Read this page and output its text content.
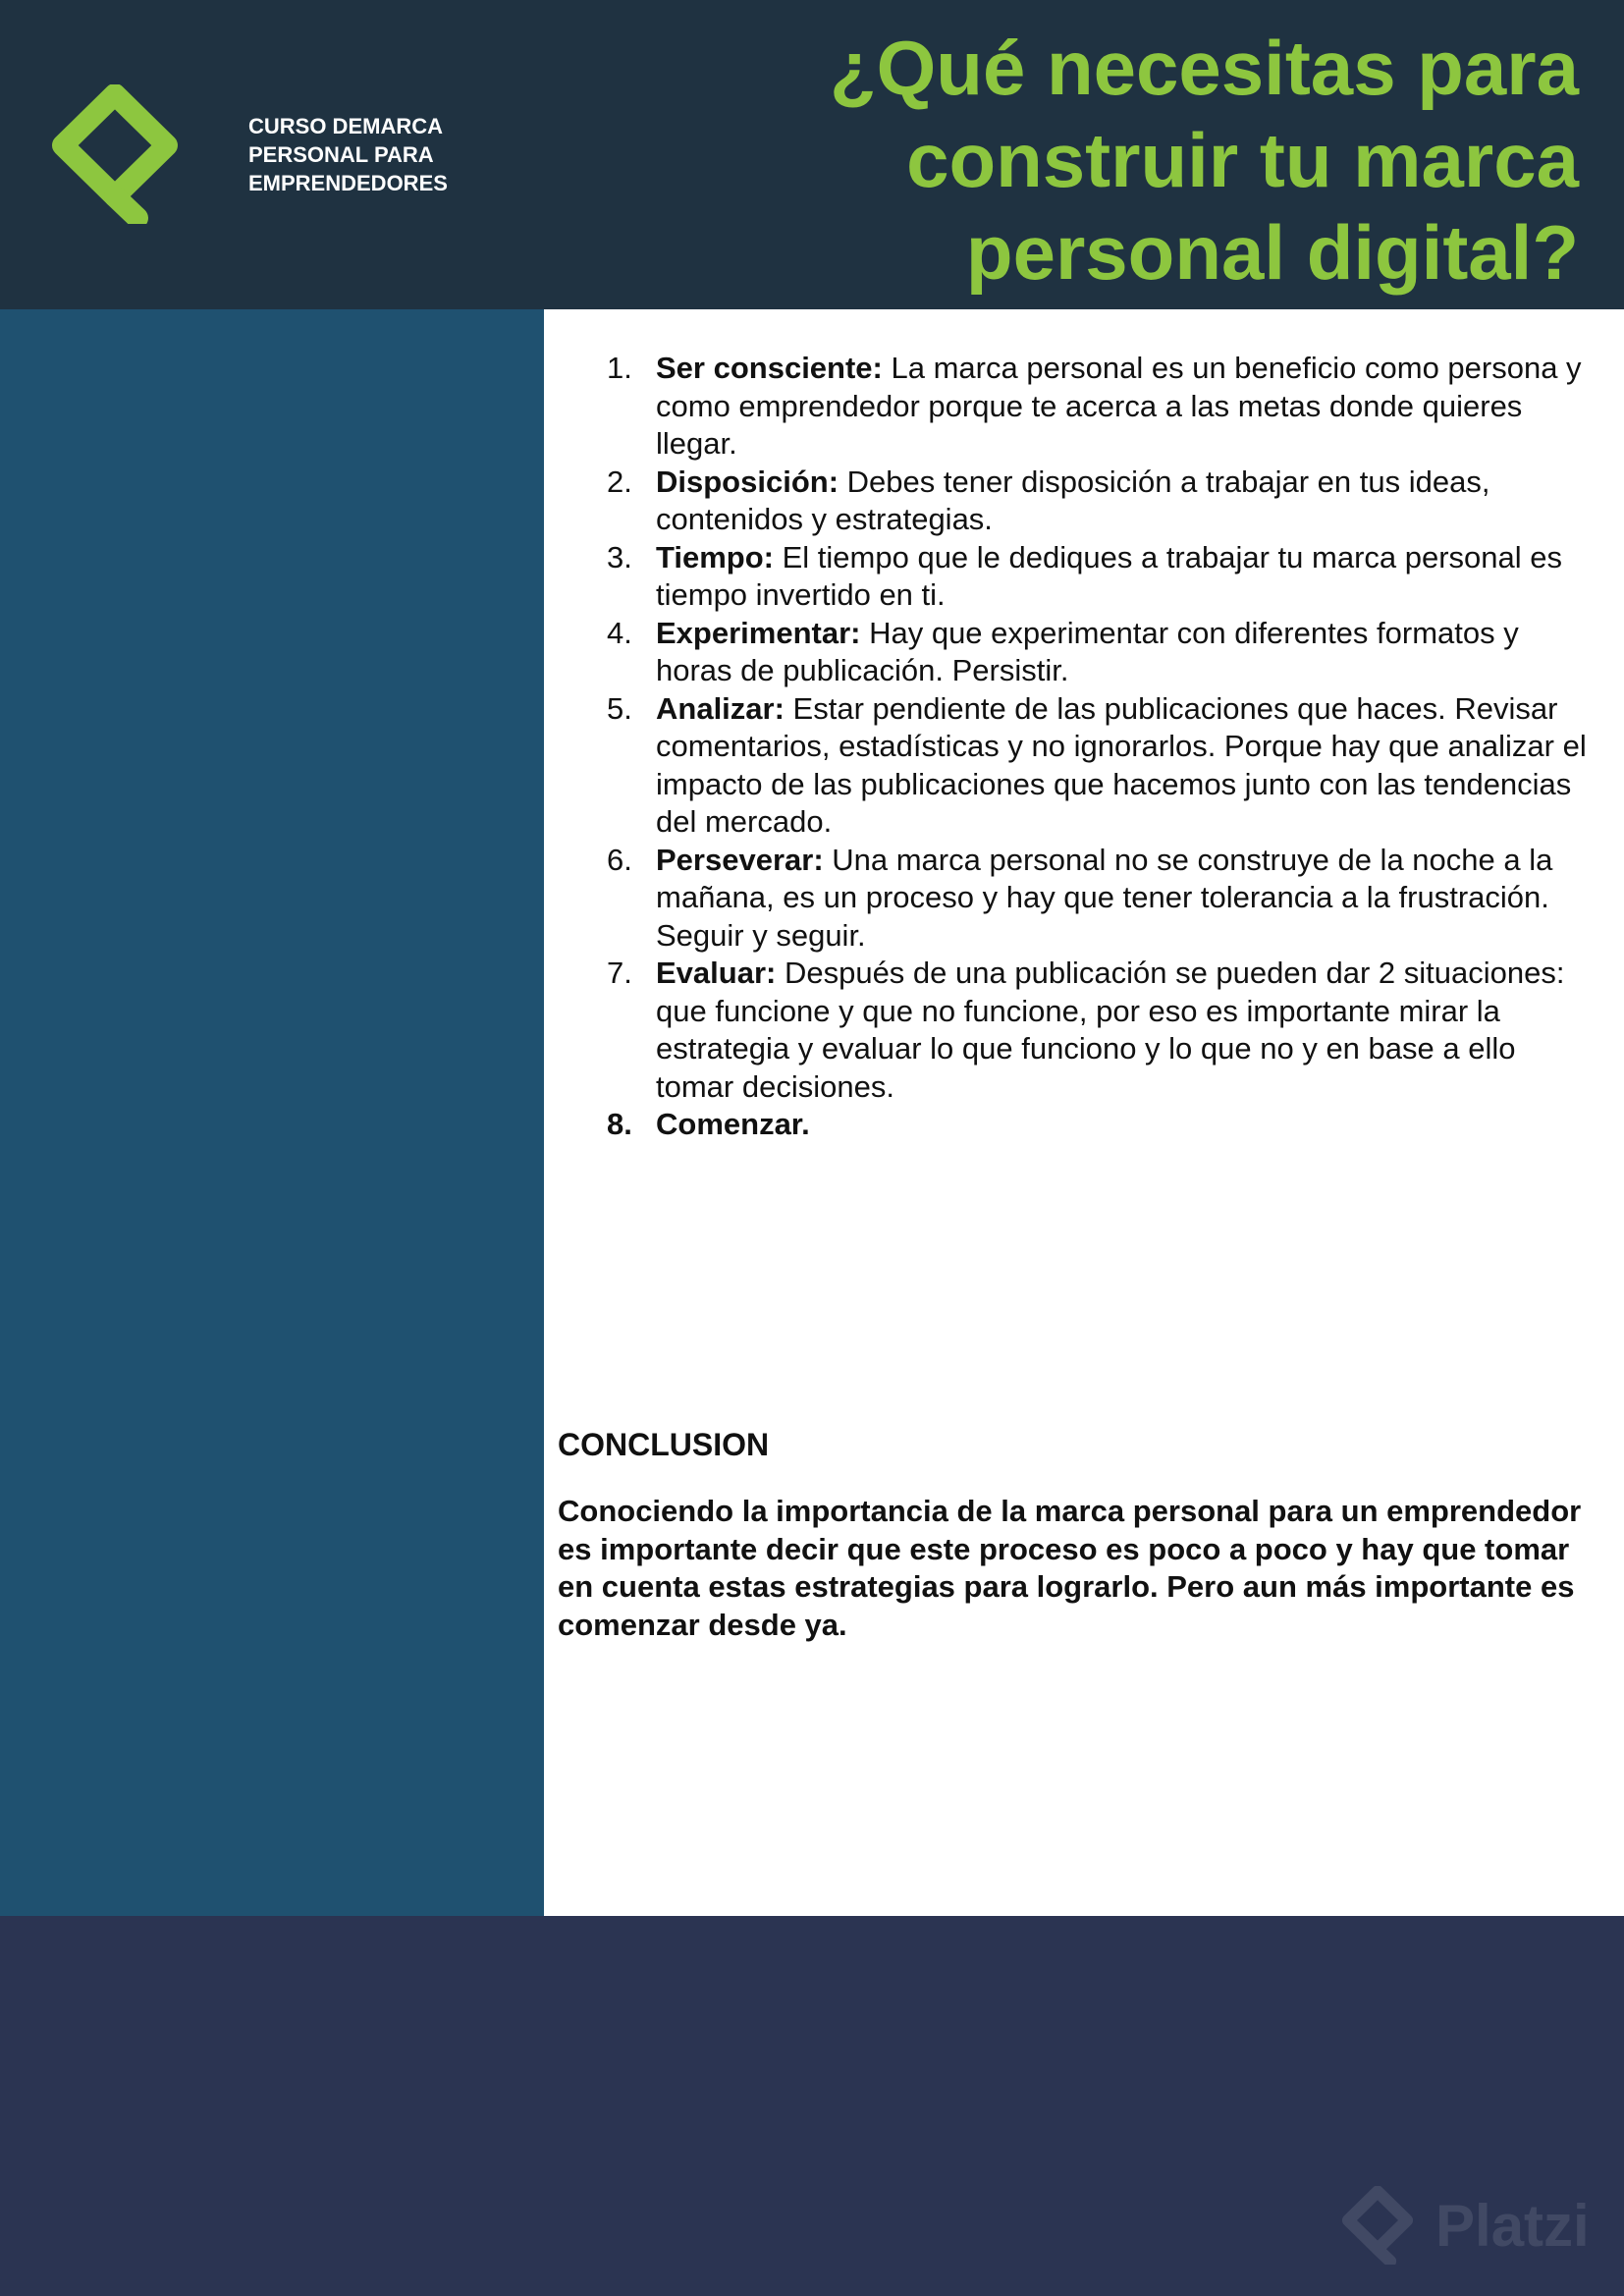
CURSO DEMARCA
PERSONAL PARA
EMPRENDEDORES
¿Qué necesitas para
construir tu marca
personal digital?
1. Ser consciente: La marca personal es un beneficio como persona y como emprendedor porque te acerca a las metas donde quieres llegar.
2. Disposición: Debes tener disposición a trabajar en tus ideas, contenidos y estrategias.
3. Tiempo: El tiempo que le dediques a trabajar tu marca personal es tiempo invertido en ti.
4. Experimentar: Hay que experimentar con diferentes formatos y horas de publicación. Persistir.
5. Analizar: Estar pendiente de las publicaciones que haces. Revisar comentarios, estadísticas y no ignorarlos. Porque hay que analizar el impacto de las publicaciones que hacemos junto con las tendencias del mercado.
6. Perseverar: Una marca personal no se construye de la noche a la mañana, es un proceso y hay que tener tolerancia a la frustración. Seguir y seguir.
7. Evaluar: Después de una publicación se pueden dar 2 situaciones: que funcione y que no funcione, por eso es importante mirar la estrategia y evaluar lo que funciono y lo que no y en base a ello tomar decisiones.
8. Comenzar.
CONCLUSION

Conociendo la importancia de la marca personal para un emprendedor es importante decir que este proceso es poco a poco y hay que tomar en cuenta estas estrategias para lograrlo. Pero aun más importante es comenzar desde ya.

Platzi
